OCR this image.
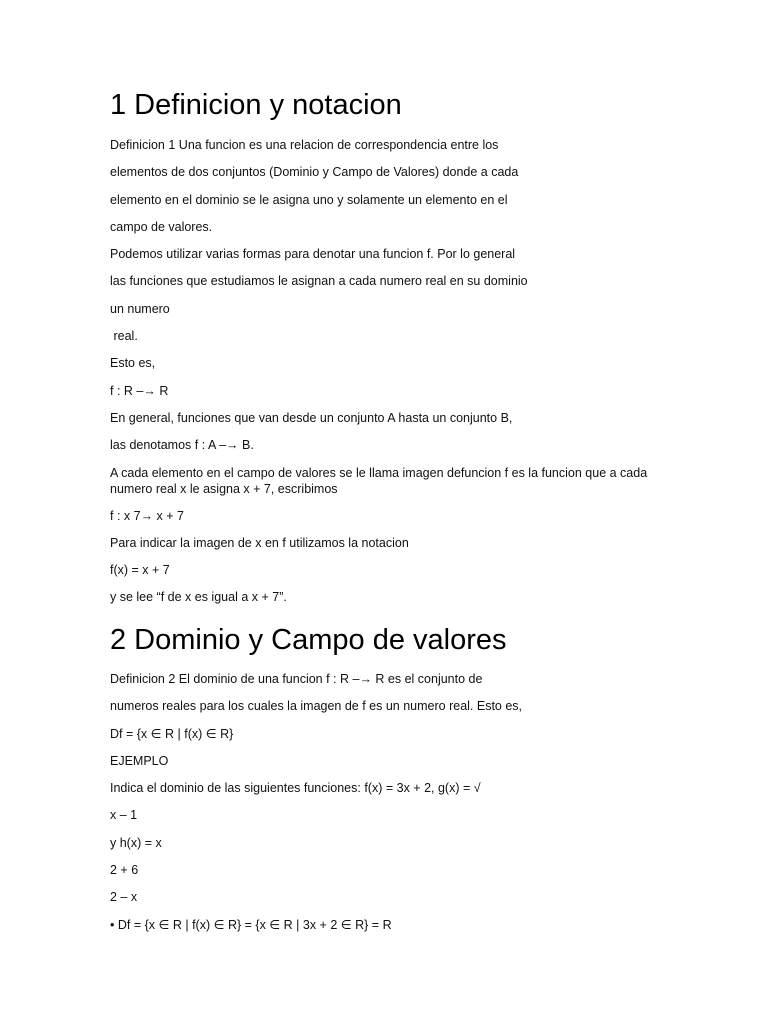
1 Definicion y notacion

Definicion 1 Una funcion es una relacion de correspondencia entre los

elementos de dos conjuntos (Dominio y Campo de Valores) donde a cada

elemento en el dominio se le asigna uno y solamente un elemento en el

campo de valores.

Podemos utilizar varias formas para denotar una funcion f. Por lo general

las funciones que estudiamos le asignan a cada numero real en su dominio

un numero

real.

Esto es,

f : R –→ R

En general, funciones que van desde un conjunto A hasta un conjunto B,

las denotamos f : A –→ B.

A cada elemento en el campo de valores se le llama imagen defuncion f es la funcion que a cada numero real x le asigna x + 7, escribimos

f : x 7→ x + 7

Para indicar la imagen de x en f utilizamos la notacion

f(x) = x + 7

y se lee “f de x es igual a x + 7”.

2 Dominio y Campo de valores

Definicion 2 El dominio de una funcion f : R –→ R es el conjunto de

numeros reales para los cuales la imagen de f es un numero real. Esto es,

Df = {x ∈ R | f(x) ∈ R}

EJEMPLO

Indica el dominio de las siguientes funciones: f(x) = 3x + 2, g(x) = √

x – 1

y h(x) = x

2 + 6

2 – x

• Df = {x ∈ R | f(x) ∈ R} = {x ∈ R | 3x + 2 ∈ R} = R
